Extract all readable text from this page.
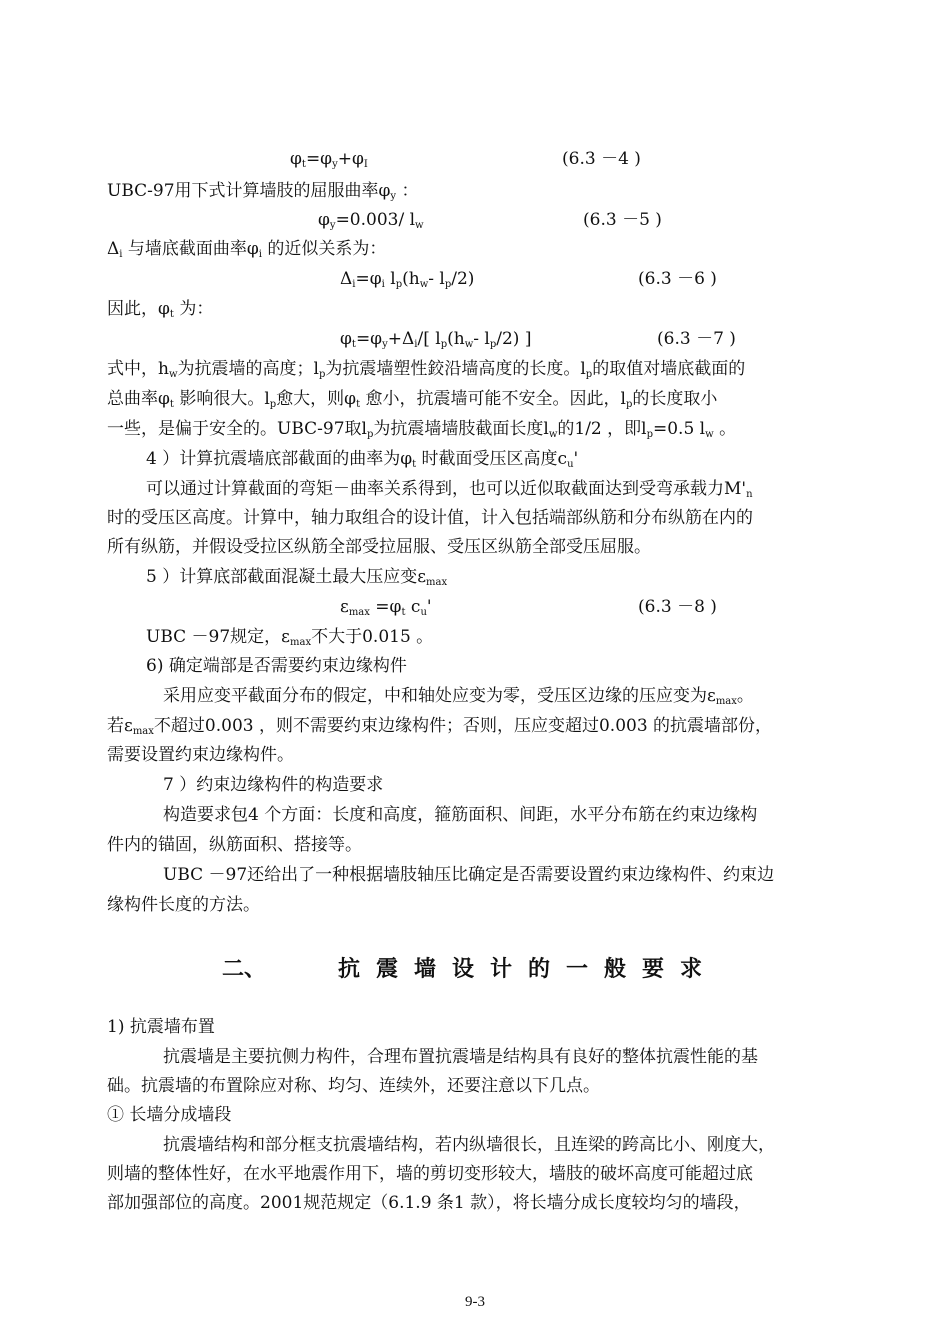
$\varphi_t=\varphi_y+\varphi_I$	(6.3 －4 )
UBC-97用下式计算墙肢的屈服曲率$\varphi_y$ ：
$\varphi_y=0.003/$ $l_w$	(6.3 －5 )
$\Delta_i$ 与墙底截面曲率$\varphi_i$ 的近似关系为：
$\Delta_i=\varphi_i$ $l_p(h_w-$ $l_p/2$)	(6.3 －6 )
因此，$\varphi_t$ 为：
$\varphi_t=\varphi_y+\Delta_i/$[ $l_p(h_w-$ $l_p/2$) ]	(6.3 －7 )
式中，$h_w$为抗震墙的高度；$l_p$为抗震墙塑性鉸沿墙高度的长度。$l_p$的取值对墙底截面的
总曲率$\varphi_t$ 影响很大。$l_p$愈大，则$\varphi_t$ 愈小，抗震墙可能不安全。因此，$l_p$的长度取小
一些，是偏于安全的。UBC-97取$l_p$为抗震墙墙肢截面长度$l_w$的1/2 ，即$l_p=0.5$ $l_w$ 。
4 ）计算抗震墙底部截面的曲率为$\varphi_t$ 时截面受压区高度$c_u'$
可以通过计算截面的弯矩－曲率关系得到，也可以近似取截面达到受弯承载力$M'_n$
时的受压区高度。计算中，轴力取组合的设计值，计入包括端部纵筋和分布纵筋在内的
所有纵筋，并假设受拉区纵筋全部受拉屈服、受压区纵筋全部受压屈服。
5 ）计算底部截面混凝土最大压应变$\varepsilon_{max}$
$\varepsilon_{max} =\varphi_t$ $c_u'$	(6.3 －8 )
UBC －97规定，$\varepsilon_{max}$不大于0.015 。
6) 确定端部是否需要约束边缘构件
采用应变平截面分布的假定，中和轴处应变为零，受压区边缘的压应变为$\varepsilon_{max}$。
若$\varepsilon_{max}$不超过0.003 ，则不需要约束边缘构件；否则，压应变超过0.003 的抗震墙部份，
需要设置约束边缘构件。
7 ）约束边缘构件的构造要求
构造要求包4 个方面：长度和高度，箍筋面积、间距，水平分布筋在约束边缘构
件内的锚固，纵筋面积、搭接等。
UBC －97还给出了一种根据墙肢轴压比确定是否需要设置约束边缘构件、约束边
缘构件长度的方法。
二、	抗 震 墙 设 计 的 一 般 要 求
1) 抗震墙布置
抗震墙是主要抗侧力构件，合理布置抗震墙是结构具有良好的整体抗震性能的基
础。抗震墙的布置除应对称、均匀、连续外，还要注意以下几点。
① 长墙分成墙段
抗震墙结构和部分框支抗震墙结构，若内纵墙很长，且连梁的跨高比小、刚度大，
则墙的整体性好，在水平地震作用下，墙的剪切变形较大，墙肢的破坏高度可能超过底
部加强部位的高度。2001规范规定（6.1.9 条1 款），将长墙分成长度较均匀的墙段，
9-3
